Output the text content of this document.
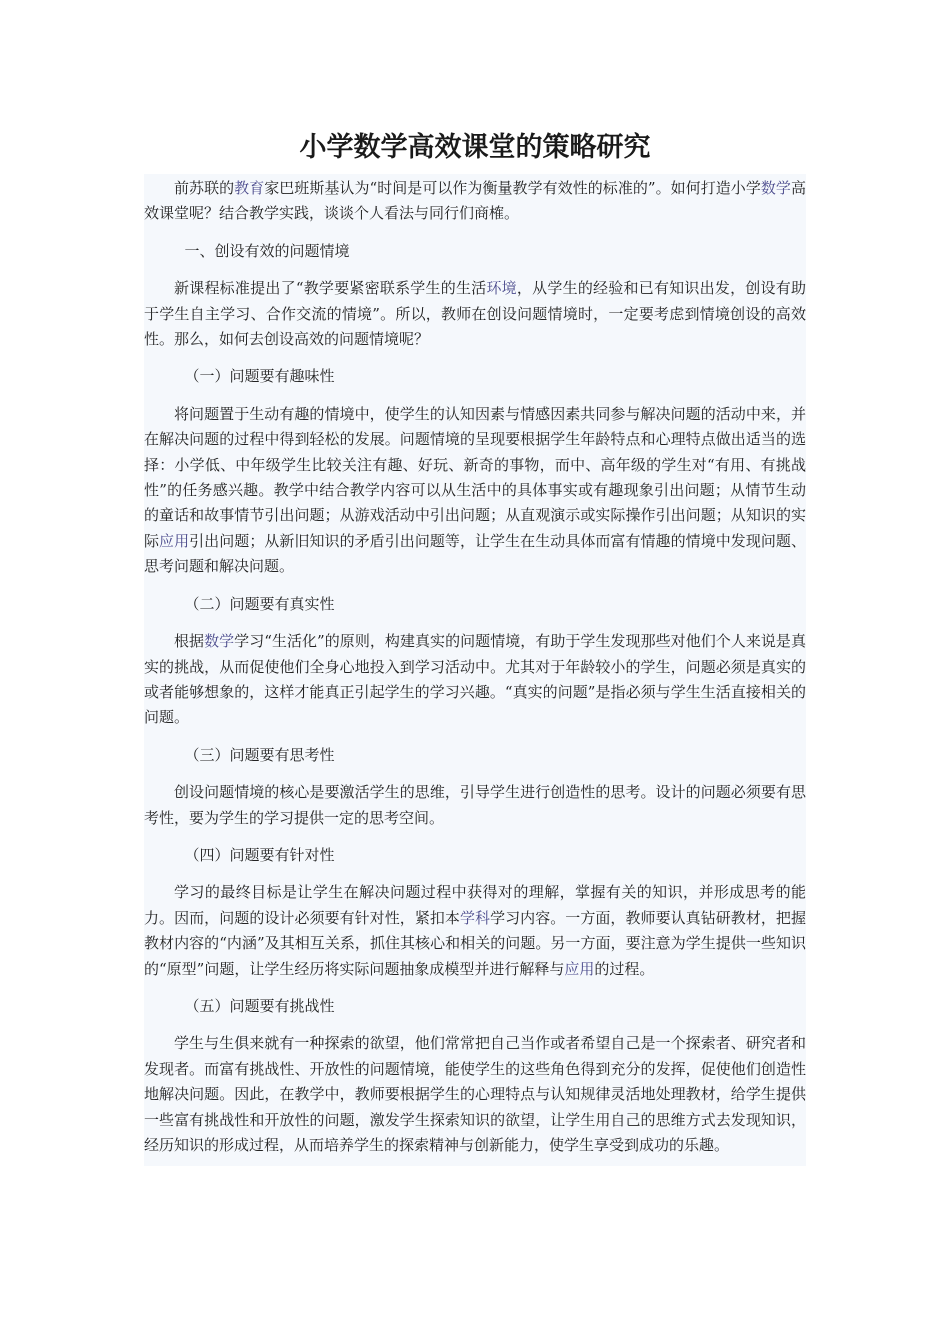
小学数学高效课堂的策略研究

前苏联的教育家巴班斯基认为“时间是可以作为衡量教学有效性的标准的”。如何打造小学数学高效课堂呢？结合教学实践，谈谈个人看法与同行们商榷。

一、创设有效的问题情境

新课程标准提出了“教学要紧密联系学生的生活环境，从学生的经验和已有知识出发，创设有助于学生自主学习、合作交流的情境”。所以，教师在创设问题情境时，一定要考虑到情境创设的高效性。那么，如何去创设高效的问题情境呢？

（一）问题要有趣味性

将问题置于生动有趣的情境中，使学生的认知因素与情感因素共同参与解决问题的活动中来，并在解决问题的过程中得到轻松的发展。问题情境的呈现要根据学生年龄特点和心理特点做出适当的选择：小学低、中年级学生比较关注有趣、好玩、新奇的事物，而中、高年级的学生对“有用、有挑战性”的任务感兴趣。教学中结合教学内容可以从生活中的具体事实或有趣现象引出问题；从情节生动的童话和故事情节引出问题；从游戏活动中引出问题；从直观演示或实际操作引出问题；从知识的实际应用引出问题；从新旧知识的矛盾引出问题等，让学生在生动具体而富有情趣的情境中发现问题、思考问题和解决问题。

（二）问题要有真实性

根据数学学习“生活化”的原则，构建真实的问题情境，有助于学生发现那些对他们个人来说是真实的挑战，从而促使他们全身心地投入到学习活动中。尤其对于年龄较小的学生，问题必须是真实的或者能够想象的，这样才能真正引起学生的学习兴趣。“真实的问题”是指必须与学生生活直接相关的问题。

（三）问题要有思考性

创设问题情境的核心是要激活学生的思维，引导学生进行创造性的思考。设计的问题必须要有思考性，要为学生的学习提供一定的思考空间。

（四）问题要有针对性

学习的最终目标是让学生在解决问题过程中获得对的理解，掌握有关的知识，并形成思考的能力。因而，问题的设计必须要有针对性，紧扣本学科学习内容。一方面，教师要认真钻研教材，把握教材内容的“内涵”及其相互关系，抓住其核心和相关的问题。另一方面，要注意为学生提供一些知识的“原型”问题，让学生经历将实际问题抽象成模型并进行解释与应用的过程。

（五）问题要有挑战性

学生与生俱来就有一种探索的欲望，他们常常把自己当作或者希望自己是一个探索者、研究者和发现者。而富有挑战性、开放性的问题情境，能使学生的这些角色得到充分的发挥，促使他们创造性地解决问题。因此，在教学中，教师要根据学生的心理特点与认知规律灵活地处理教材，给学生提供一些富有挑战性和开放性的问题，激发学生探索知识的欲望，让学生用自己的思维方式去发现知识，经历知识的形成过程，从而培养学生的探索精神与创新能力，使学生享受到成功的乐趣。
